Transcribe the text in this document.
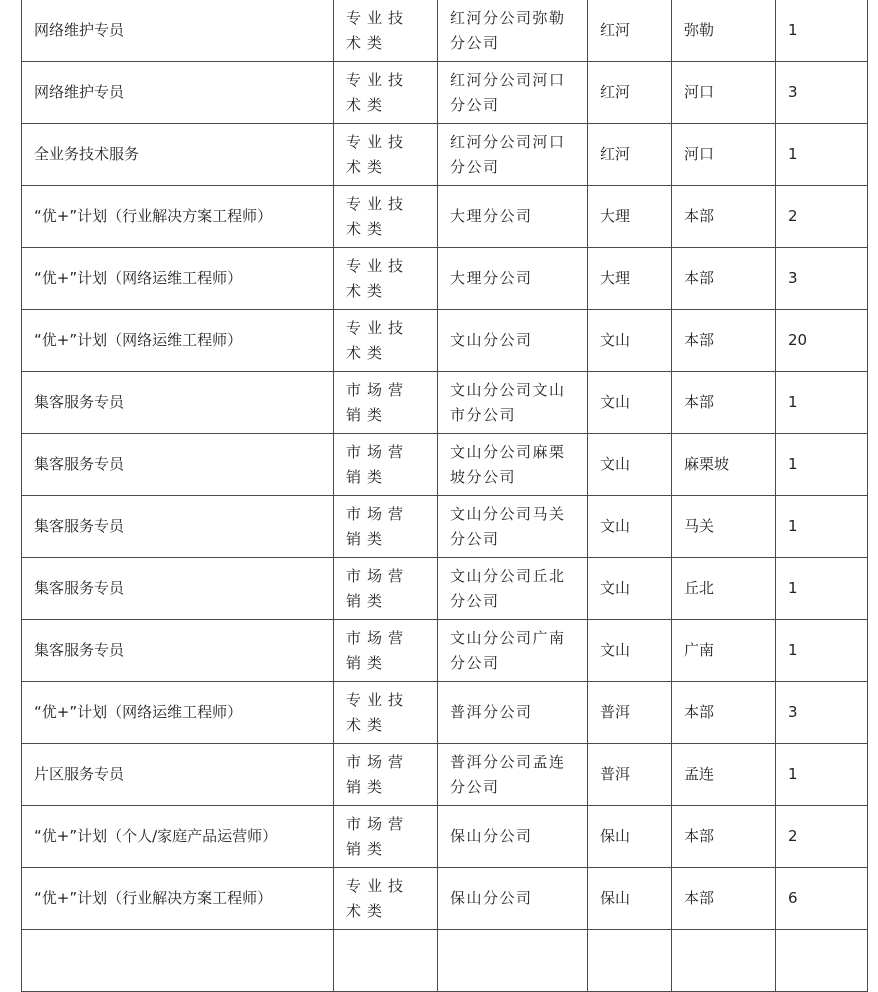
网络维护专员	专业技术类	红河分公司弥勒分公司	红河	弥勒	1

网络维护专员	专业技术类	红河分公司河口分公司	红河	河口	3

全业务技术服务	专业技术类	红河分公司河口分公司	红河	河口	1

“优+”计划（行业解决方案工程师）	专业技术类	大理分公司	大理	本部	2

“优+”计划（网络运维工程师）	专业技术类	大理分公司	大理	本部	3

“优+”计划（网络运维工程师）	专业技术类	文山分公司	文山	本部	20

集客服务专员	市场营销类	文山分公司文山市分公司	文山	本部	1

集客服务专员	市场营销类	文山分公司麻栗坡分公司	文山	麻栗坡	1

集客服务专员	市场营销类	文山分公司马关分公司	文山	马关	1

集客服务专员	市场营销类	文山分公司丘北分公司	文山	丘北	1

集客服务专员	市场营销类	文山分公司广南分公司	文山	广南	1

“优+”计划（网络运维工程师）	专业技术类	普洱分公司	普洱	本部	3

片区服务专员	市场营销类	普洱分公司孟连分公司	普洱	孟连	1

“优+”计划（个人/家庭产品运营师）	市场营销类	保山分公司	保山	本部	2

“优+”计划（行业解决方案工程师）	专业技术类	保山分公司	保山	本部	6
